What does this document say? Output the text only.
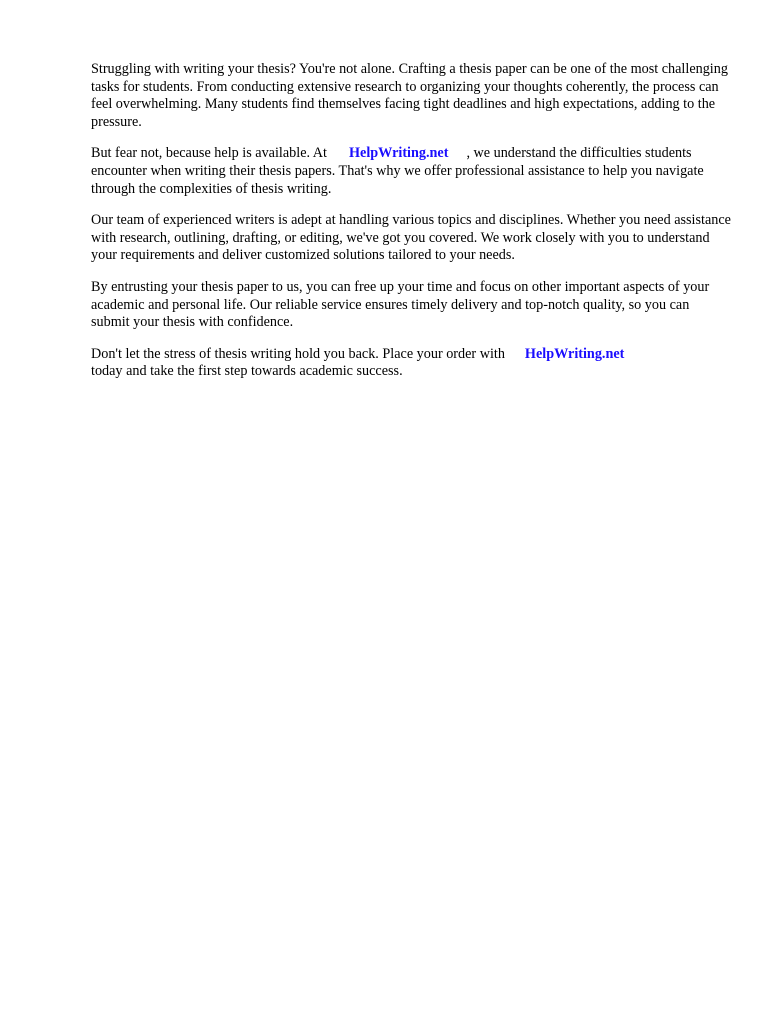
Struggling with writing your thesis? You're not alone. Crafting a thesis paper can be one of the most challenging tasks for students. From conducting extensive research to organizing your thoughts coherently, the process can feel overwhelming. Many students find themselves facing tight deadlines and high expectations, adding to the pressure.

But fear not, because help is available. At HelpWriting.net , we understand the difficulties students encounter when writing their thesis papers. That's why we offer professional assistance to help you navigate through the complexities of thesis writing.

Our team of experienced writers is adept at handling various topics and disciplines. Whether you need assistance with research, outlining, drafting, or editing, we've got you covered. We work closely with you to understand your requirements and deliver customized solutions tailored to your needs.

By entrusting your thesis paper to us, you can free up your time and focus on other important aspects of your academic and personal life. Our reliable service ensures timely delivery and top-notch quality, so you can submit your thesis with confidence.

Don't let the stress of thesis writing hold you back. Place your order with HelpWriting.net
today and take the first step towards academic success.
